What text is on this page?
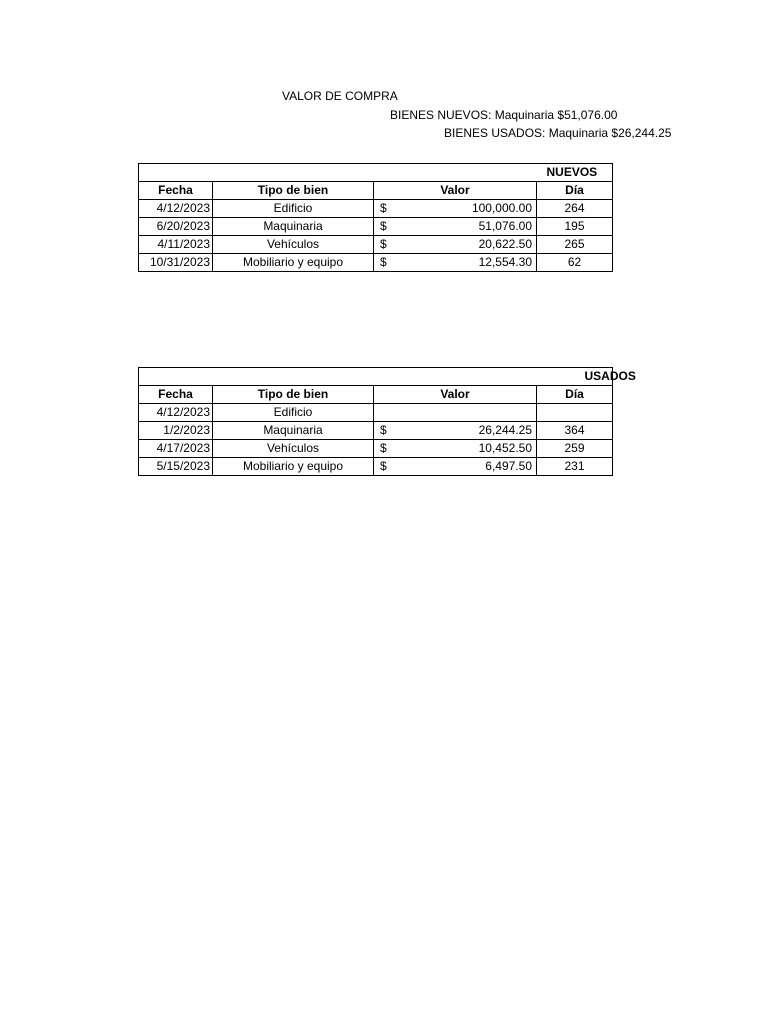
VALOR DE COMPRA
BIENES NUEVOS: Maquinaria $51,076.00
BIENES USADOS: Maquinaria $26,244.25
			NUEVOS
Fecha	Tipo de bien	Valor	Día
4/12/2023	Edificio	$ 100,000.00	264
6/20/2023	Maquinaria	$ 51,076.00	195
4/11/2023	Vehículos	$ 20,622.50	265
10/31/2023	Mobiliario y equipo	$ 12,554.30	62
			USADOS
Fecha	Tipo de bien	Valor	Día
4/12/2023	Edificio	

1/2/2023	Maquinaria	$ 26,244.25	364
4/17/2023	Vehículos	$ 10,452.50	259
5/15/2023	Mobiliario y equipo	$ 6,497.50	231
